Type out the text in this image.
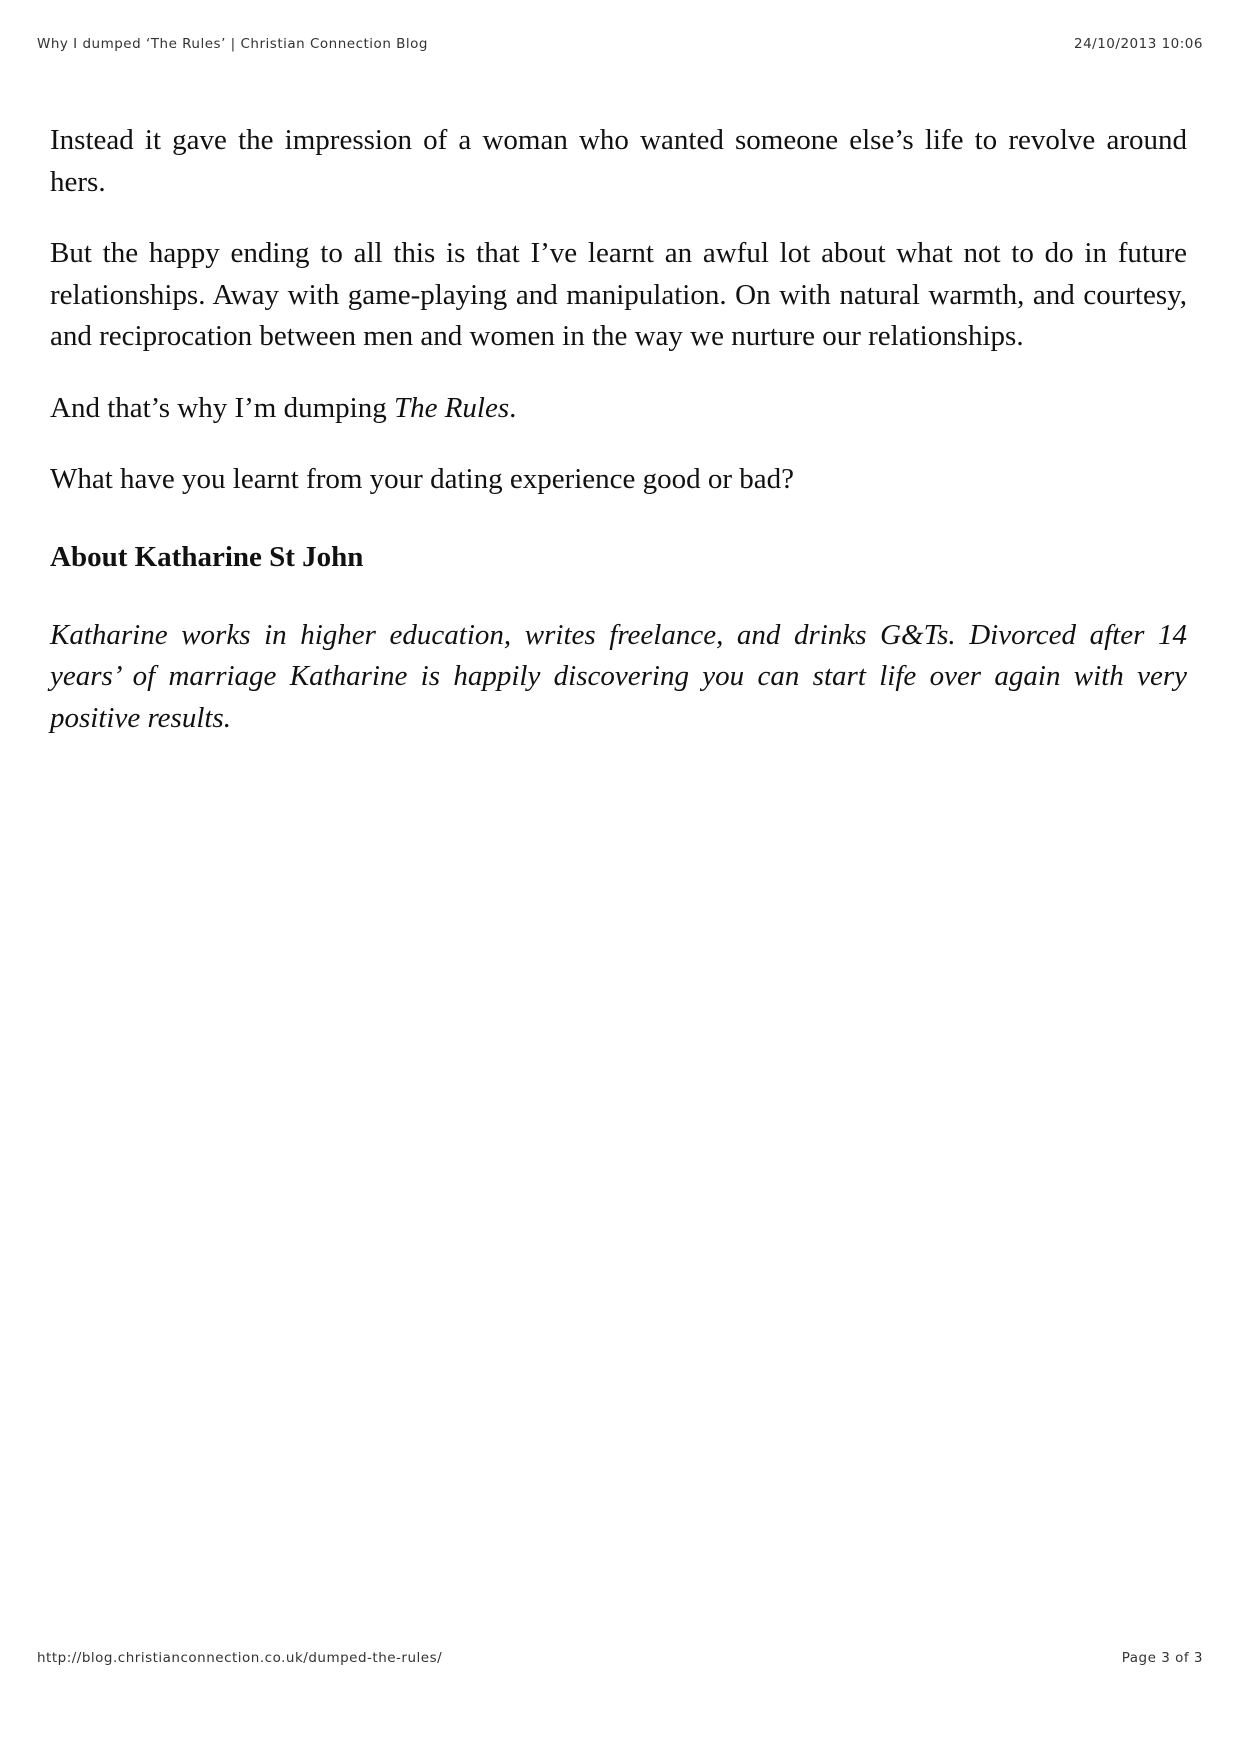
Why I dumped ‘The Rules’ | Christian Connection Blog	24/10/2013 10:06

Instead it gave the impression of a woman who wanted someone else’s life to revolve around hers.

But the happy ending to all this is that I’ve learnt an awful lot about what not to do in future relationships. Away with game-playing and manipulation. On with natural warmth, and courtesy, and reciprocation between men and women in the way we nurture our relationships.

And that’s why I’m dumping The Rules.

What have you learnt from your dating experience good or bad?

About Katharine St John

Katharine works in higher education, writes freelance, and drinks G&Ts. Divorced after 14 years’ of marriage Katharine is happily discovering you can start life over again with very positive results.

http://blog.christianconnection.co.uk/dumped-the-rules/	Page 3 of 3
